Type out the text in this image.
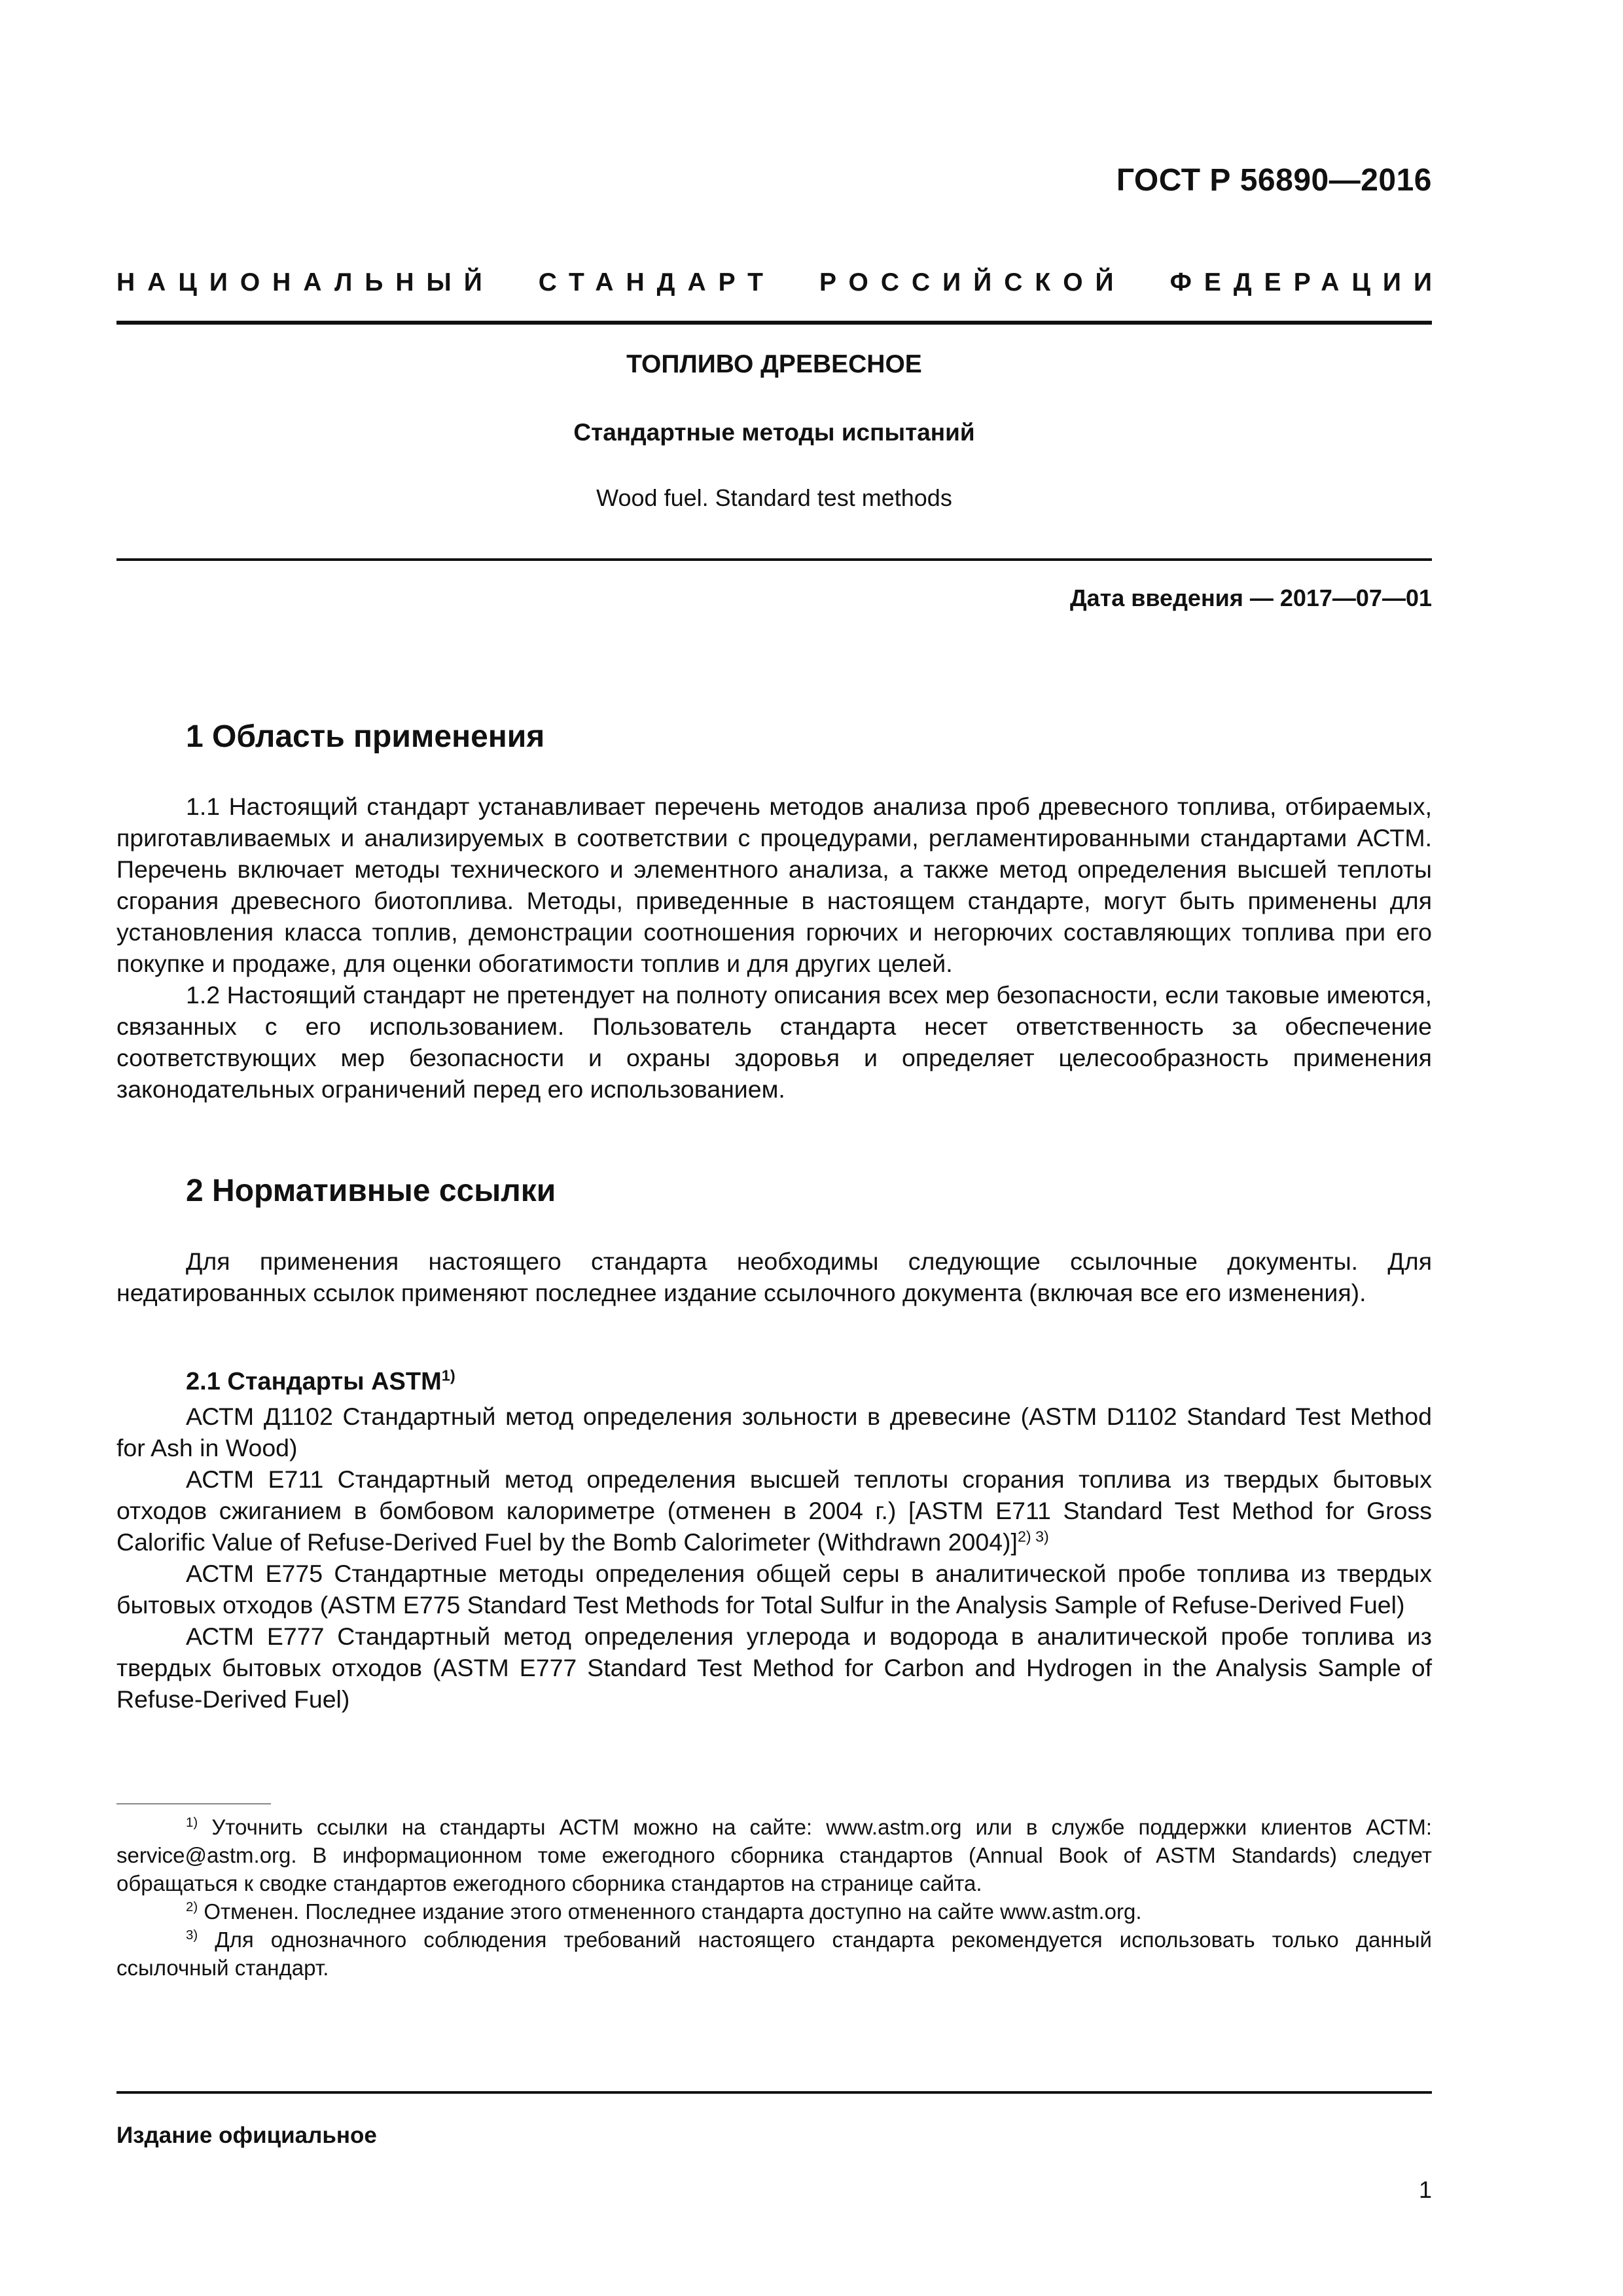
ГОСТ Р 56890—2016
НАЦИОНАЛЬНЫЙ СТАНДАРТ РОССИЙСКОЙ ФЕДЕРАЦИИ
ТОПЛИВО ДРЕВЕСНОЕ
Стандартные методы испытаний
Wood fuel. Standard test methods
Дата введения — 2017—07—01
1 Область применения

1.1 Настоящий стандарт устанавливает перечень методов анализа проб древесного топлива, отбираемых, приготавливаемых и анализируемых в соответствии с процедурами, регламентированными стандартами АСТМ. Перечень включает методы технического и элементного анализа, а также метод определения высшей теплоты сгорания древесного биотоплива. Методы, приведенные в настоящем стандарте, могут быть применены для установления класса топлив, демонстрации соотношения горючих и негорючих составляющих топлива при его покупке и продаже, для оценки обогатимости топлив и для других целей.

1.2 Настоящий стандарт не претендует на полноту описания всех мер безопасности, если таковые имеются, связанных с его использованием. Пользователь стандарта несет ответственность за обеспечение соответствующих мер безопасности и охраны здоровья и определяет целесообразность применения законодательных ограничений перед его использованием.

2 Нормативные ссылки

Для применения настоящего стандарта необходимы следующие ссылочные документы. Для недатированных ссылок применяют последнее издание ссылочного документа (включая все его изменения).

2.1 Стандарты ASTM$^{1)}$

АСТМ Д1102 Стандартный метод определения зольности в древесине (ASTM D1102 Standard Test Method for Ash in Wood)

АСТМ Е711 Стандартный метод определения высшей теплоты сгорания топлива из твердых бытовых отходов сжиганием в бомбовом калориметре (отменен в 2004 г.) [ASTM E711 Standard Test Method for Gross Calorific Value of Refuse-Derived Fuel by the Bomb Calorimeter (Withdrawn 2004)]$^{2) 3)}$

АСТМ Е775 Стандартные методы определения общей серы в аналитической пробе топлива из твердых бытовых отходов (ASTM E775 Standard Test Methods for Total Sulfur in the Analysis Sample of Refuse-Derived Fuel)

АСТМ Е777 Стандартный метод определения углерода и водорода в аналитической пробе топлива из твердых бытовых отходов (ASTM E777 Standard Test Method for Carbon and Hydrogen in the Analysis Sample of Refuse-Derived Fuel)

$^{1)}$ Уточнить ссылки на стандарты АСТМ можно на сайте: www.astm.org или в службе поддержки клиентов АСТМ: service@astm.org. В информационном томе ежегодного сборника стандартов (Annual Book of ASTM Standards) следует обращаться к сводке стандартов ежегодного сборника стандартов на странице сайта.

$^{2)}$ Отменен. Последнее издание этого отмененного стандарта доступно на сайте www.astm.org.

$^{3)}$ Для однозначного соблюдения требований настоящего стандарта рекомендуется использовать только данный ссылочный стандарт.

Издание официальное
1
